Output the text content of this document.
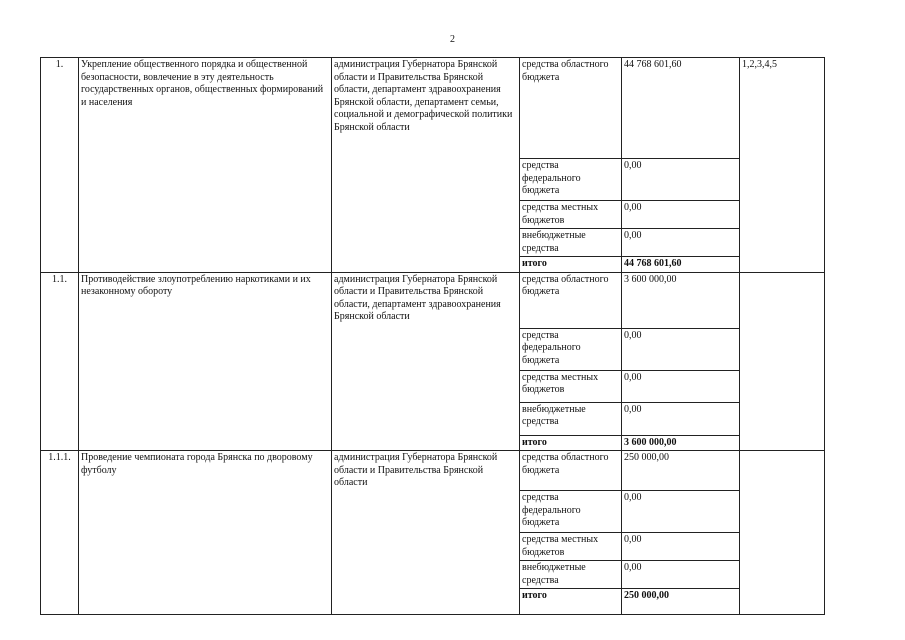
2
1.	Укрепление общественного порядка и общественной безопасности, вовлечение в эту деятельность государственных органов, общественных формирований и населения	администрация Губернатора Брянской области и Правительства Брянской области, департамент здравоохранения Брянской области, департамент семьи, социальной и демографической политики Брянской области	средства областного бюджета	44 768 601,60	1,2,3,4,5
			средства федерального бюджета	0,00	
			средства местных бюджетов	0,00	
			внебюджетные средства	0,00	
			итого	44 768 601,60	
1.1.	Противодействие злоупотреблению наркотиками и их незаконному обороту	администрация Губернатора Брянской области и Правительства Брянской области, департамент здравоохранения Брянской области	средства областного бюджета	3 600 000,00	
			средства федерального бюджета	0,00	
			средства местных бюджетов	0,00	
			внебюджетные средства	0,00	
			итого	3 600 000,00	
1.1.1.	Проведение чемпионата города Брянска по дворовому футболу	администрация Губернатора Брянской области и Правительства Брянской области	средства областного бюджета	250 000,00	
			средства федерального бюджета	0,00	
			средства местных бюджетов	0,00	
			внебюджетные средства	0,00	
			итого	250 000,00	
